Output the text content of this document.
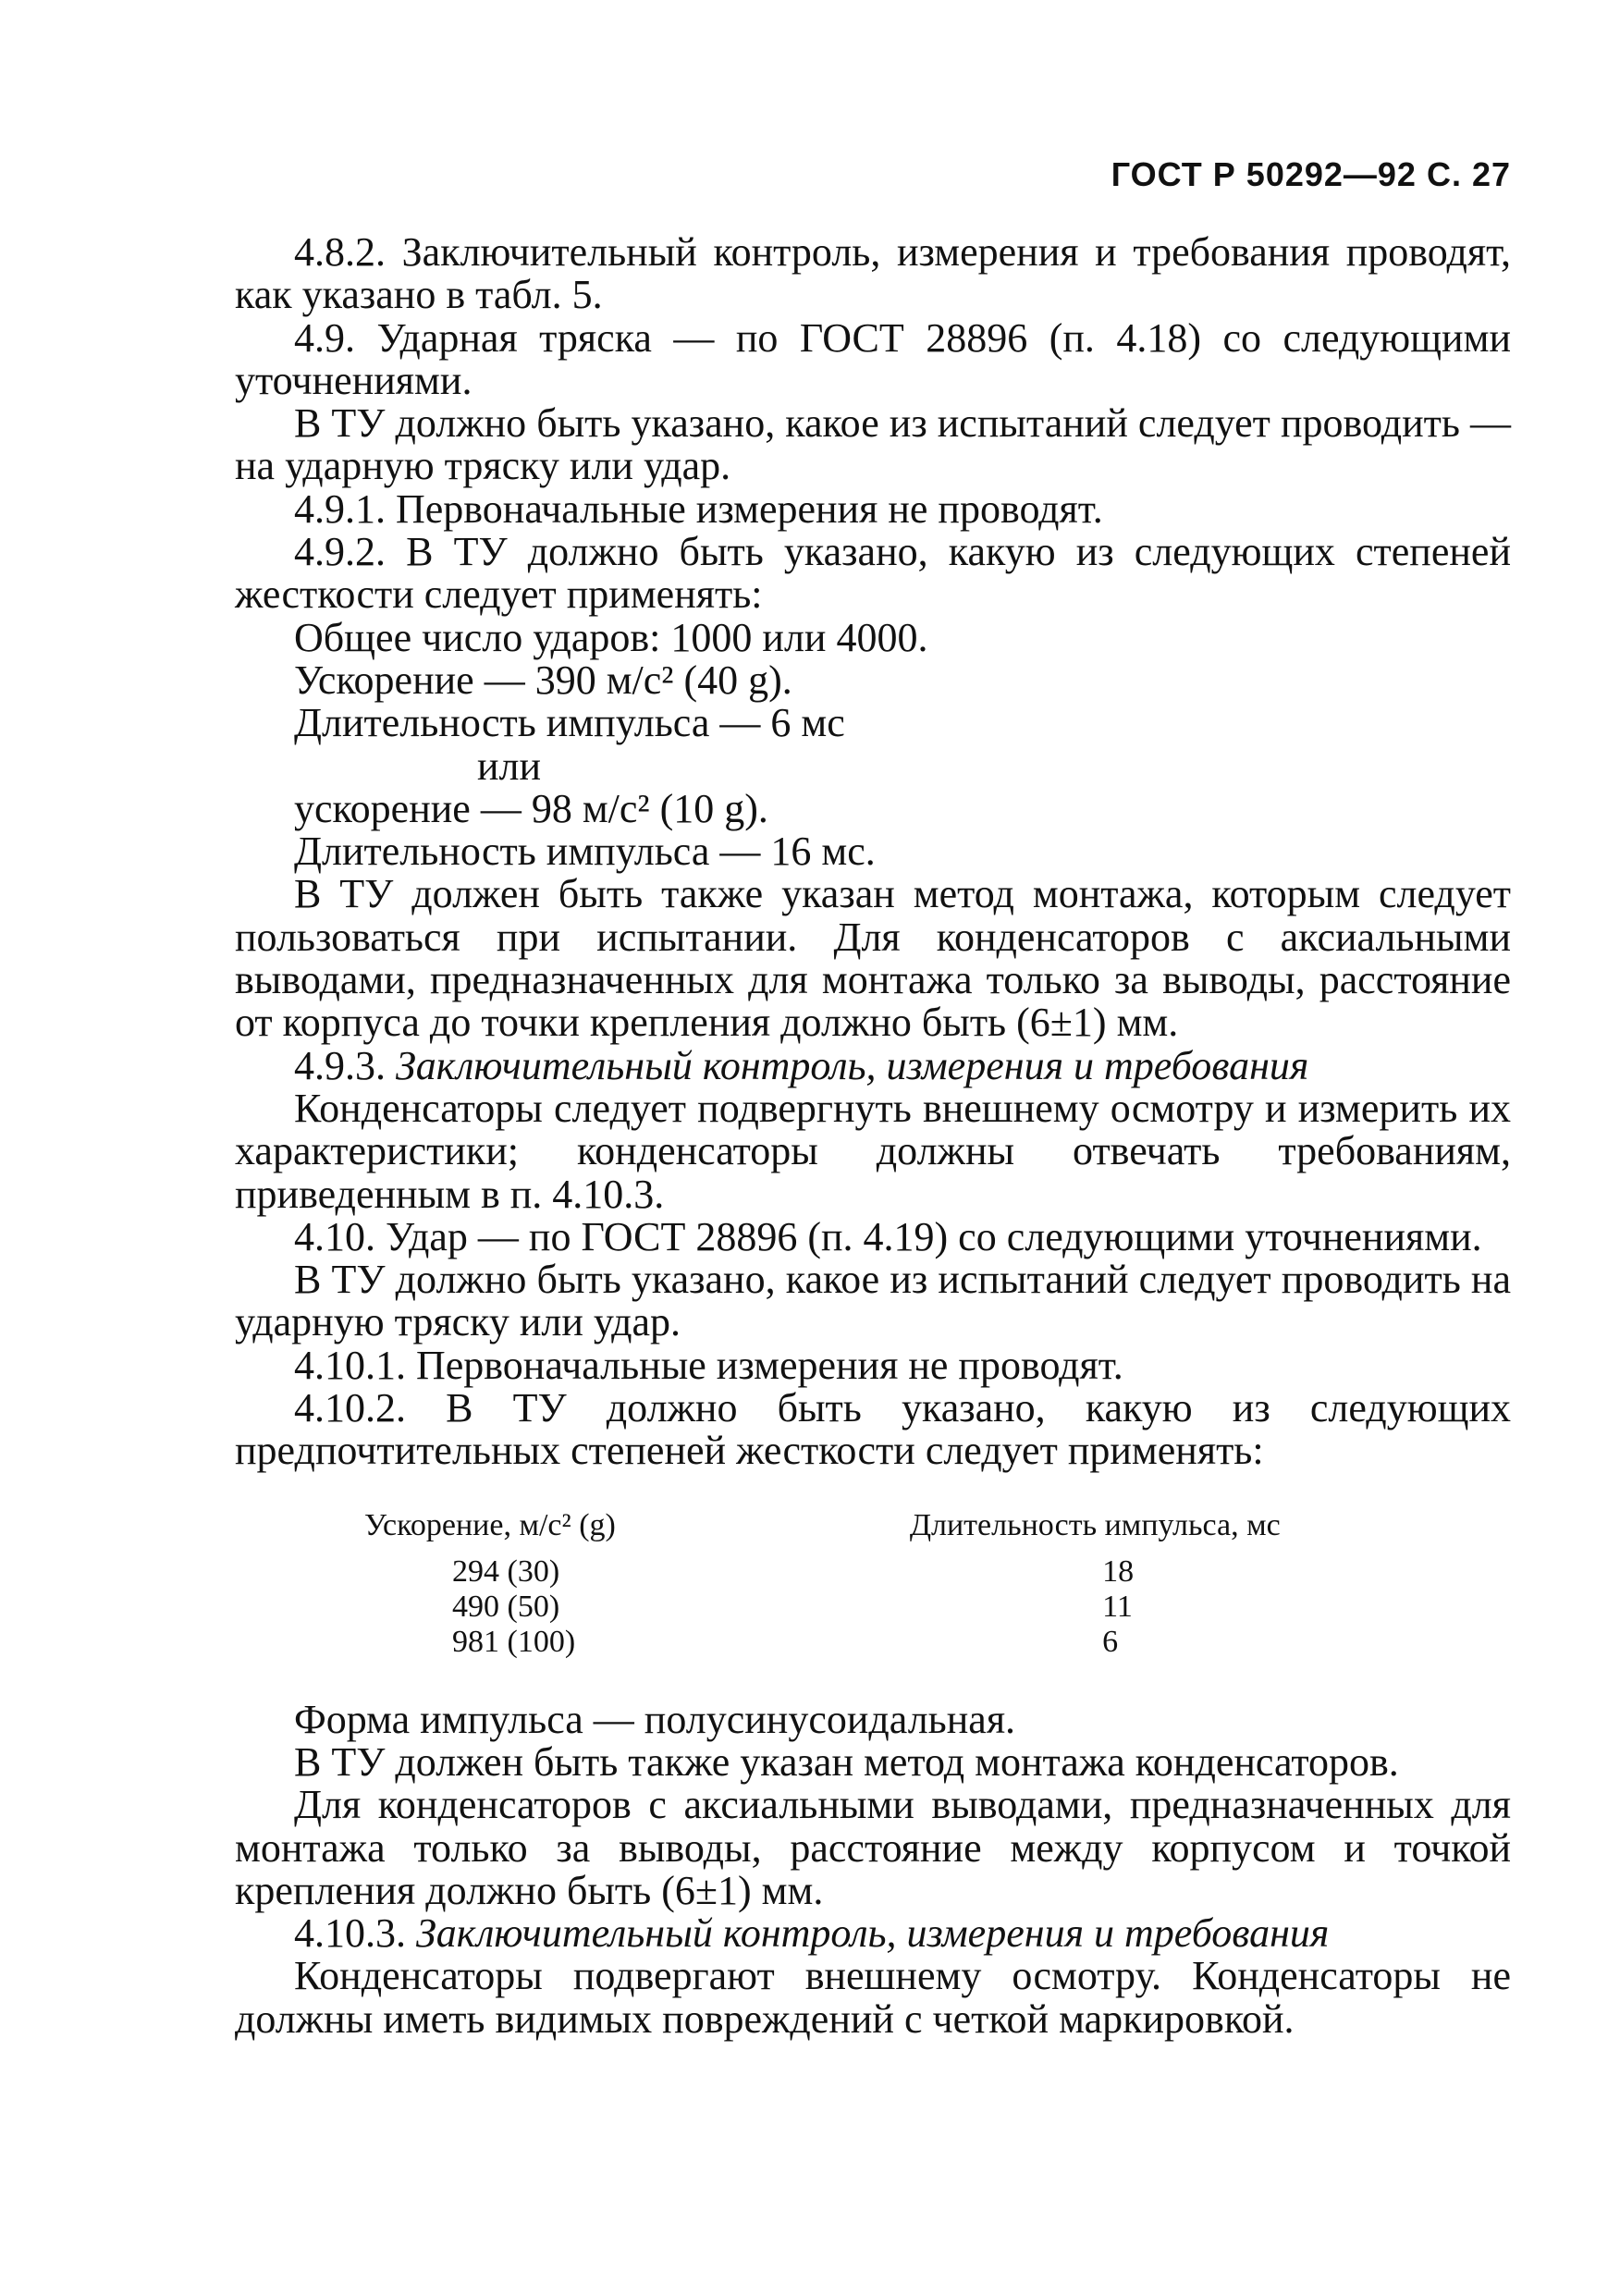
ГОСТ Р 50292—92 С. 27

4.8.2. Заключительный контроль, измерения и требования проводят, как указано в табл. 5.

4.9. Ударная тряска — по ГОСТ 28896 (п. 4.18) со следующими уточнениями.

В ТУ должно быть указано, какое из испытаний следует проводить — на ударную тряску или удар.

4.9.1. Первоначальные измерения не проводят.

4.9.2. В ТУ должно быть указано, какую из следующих степеней жесткости следует применять:

Общее число ударов: 1000 или 4000.
Ускорение — 390 м/с² (40 g).
Длительность импульса — 6 мс
или
ускорение — 98 м/с² (10 g).
Длительность импульса — 16 мс.

В ТУ должен быть также указан метод монтажа, которым следует пользоваться при испытании. Для конденсаторов с аксиальными выводами, предназначенных для монтажа только за выводы, расстояние от корпуса до точки крепления должно быть (6±1) мм.

4.9.3. Заключительный контроль, измерения и требования

Конденсаторы следует подвергнуть внешнему осмотру и измерить их характеристики; конденсаторы должны отвечать требованиям, приведенным в п. 4.10.3.

4.10. Удар — по ГОСТ 28896 (п. 4.19) со следующими уточнениями.

В ТУ должно быть указано, какое из испытаний следует проводить на ударную тряску или удар.

4.10.1. Первоначальные измерения не проводят.

4.10.2. В ТУ должно быть указано, какую из следующих предпочтительных степеней жесткости следует применять:

Ускорение, м/с² (g)	Длительность импульса, мс
294 (30)	18
490 (50)	11
981 (100)	6

Форма импульса — полусинусоидальная.

В ТУ должен быть также указан метод монтажа конденсаторов.

Для конденсаторов с аксиальными выводами, предназначенных для монтажа только за выводы, расстояние между корпусом и точкой крепления должно быть (6±1) мм.

4.10.3. Заключительный контроль, измерения и требования

Конденсаторы подвергают внешнему осмотру. Конденсаторы не должны иметь видимых повреждений с четкой маркировкой.
